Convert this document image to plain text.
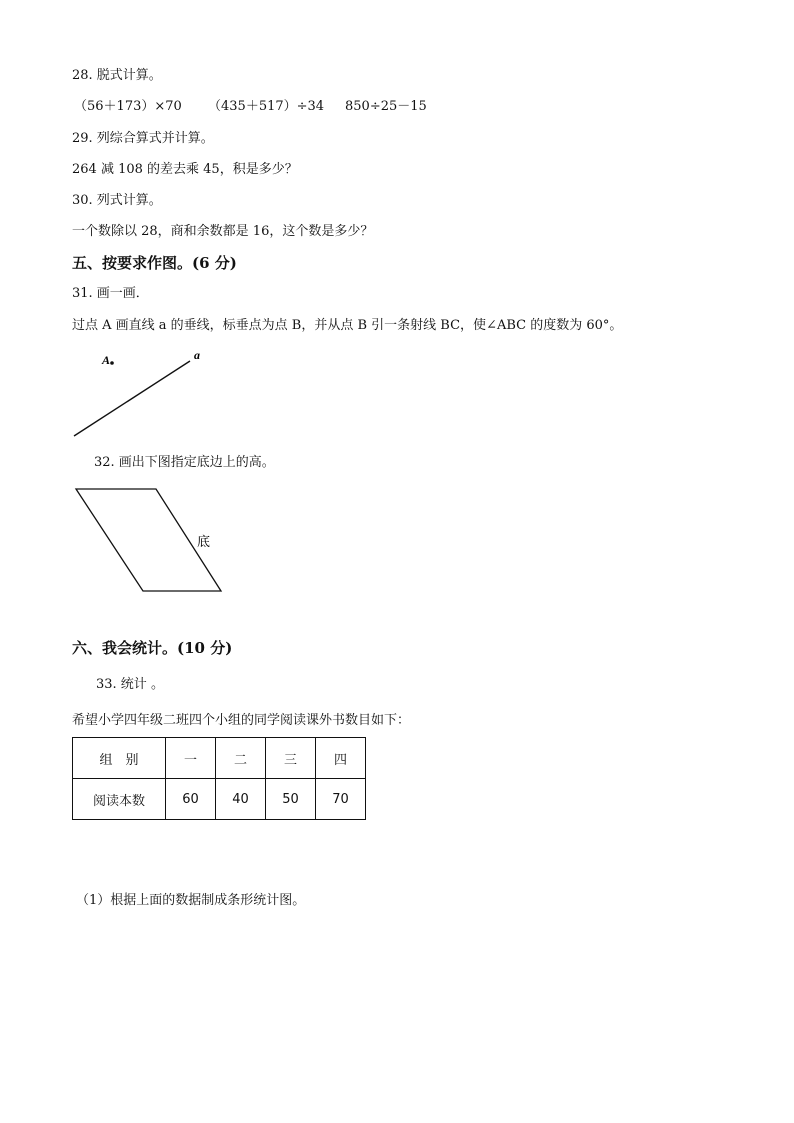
28. 脱式计算。
（56＋173）×70 （435＋517）÷34 850÷25－15
29. 列综合算式并计算。
264 减 108 的差去乘 45，积是多少？
30. 列式计算。
一个数除以 28，商和余数都是 16，这个数是多少？
五、按要求作图。(6 分)
31. 画一画．
过点 A 画直线 a 的垂线，标垂点为点 B，并从点 B 引一条射线 BC，使∠ABC 的度数为 60°。
A	a
32. 画出下图指定底边上的高。
底
六、我会统计。(10 分)
33. 统计 。
希望小学四年级二班四个小组的同学阅读课外书数目如下：
组　别	一	二	三	四
阅读本数	60	40	50	70
（1）根据上面的数据制成条形统计图。
